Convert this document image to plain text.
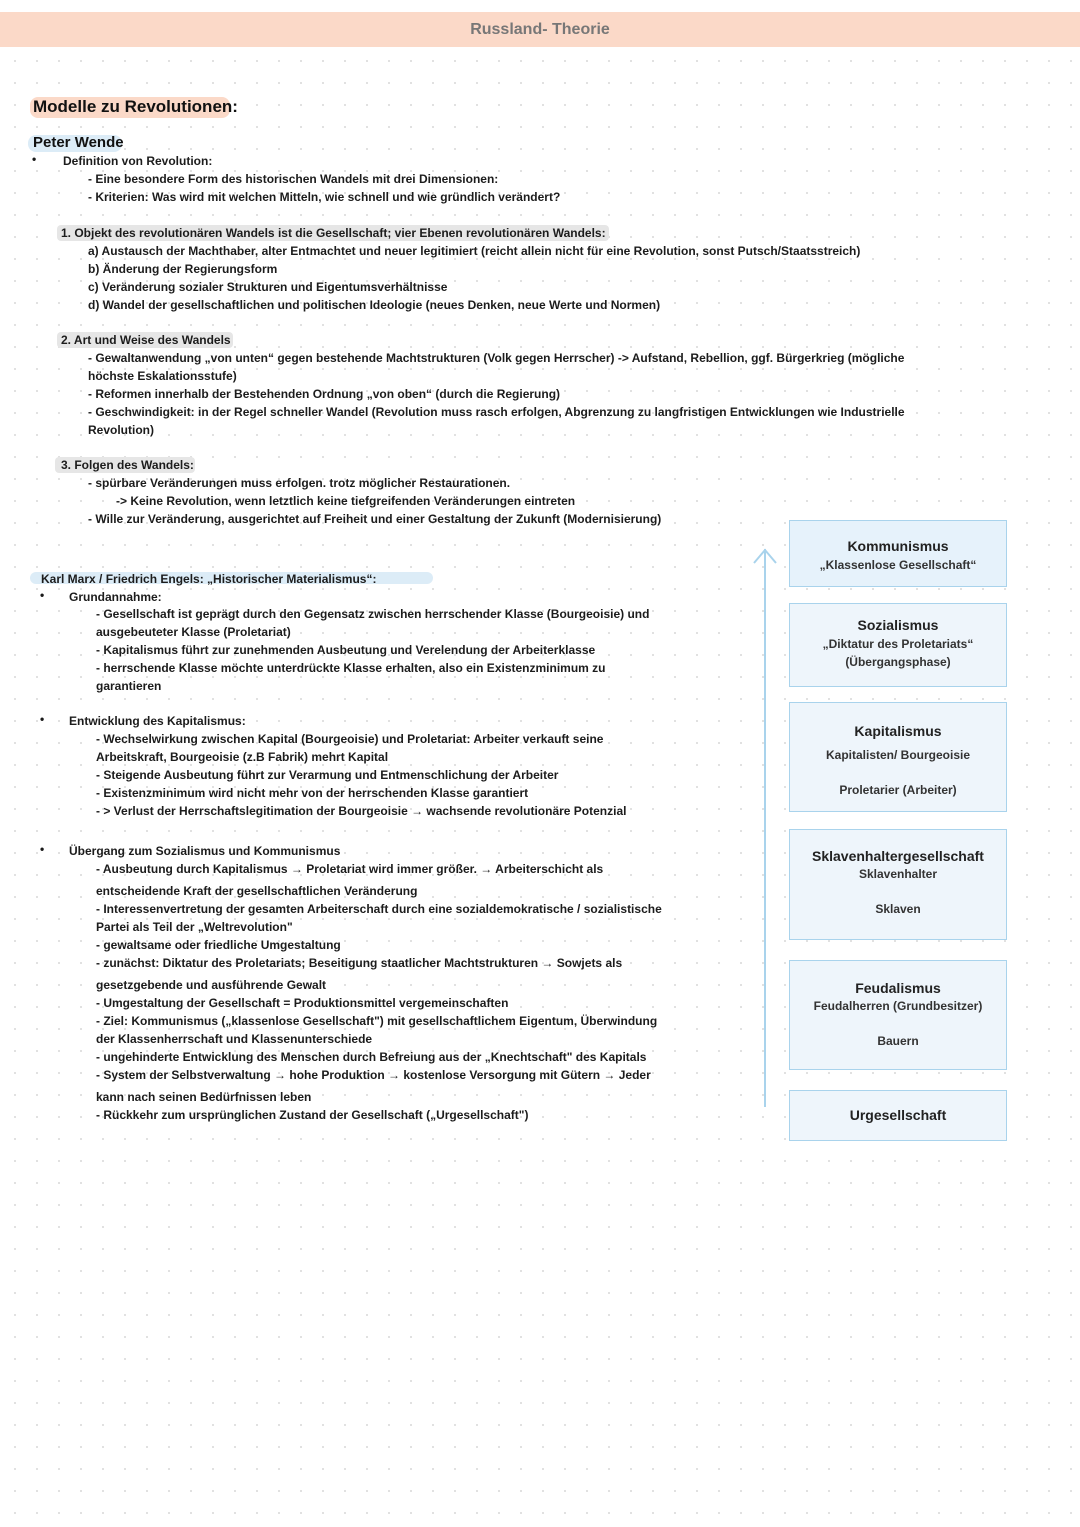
Russland- Theorie
Modelle zu Revolutionen:
Peter Wende
• Definition von Revolution:
- Eine besondere Form des historischen Wandels mit drei Dimensionen:
- Kriterien: Was wird mit welchen Mitteln, wie schnell und wie gründlich verändert?
1. Objekt des revolutionären Wandels ist die Gesellschaft; vier Ebenen revolutionären Wandels:
a) Austausch der Machthaber, alter Entmachtet und neuer legitimiert (reicht allein nicht für eine Revolution, sonst Putsch/Staatsstreich)
b) Änderung der Regierungsform
c) Veränderung sozialer Strukturen und Eigentumsverhältnisse
d) Wandel der gesellschaftlichen und politischen Ideologie (neues Denken, neue Werte und Normen)
2. Art und Weise des Wandels
- Gewaltanwendung „von unten“ gegen bestehende Machtstrukturen (Volk gegen Herrscher) -> Aufstand, Rebellion, ggf. Bürgerkrieg (mögliche
höchste Eskalationsstufe)
- Reformen innerhalb der Bestehenden Ordnung „von oben“ (durch die Regierung)
- Geschwindigkeit: in der Regel schneller Wandel (Revolution muss rasch erfolgen, Abgrenzung zu langfristigen Entwicklungen wie Industrielle
Revolution)
3. Folgen des Wandels:
- spürbare Veränderungen muss erfolgen. trotz möglicher Restaurationen.
-> Keine Revolution, wenn letztlich keine tiefgreifenden Veränderungen eintreten
- Wille zur Veränderung, ausgerichtet auf Freiheit und einer Gestaltung der Zukunft (Modernisierung)
Karl Marx / Friedrich Engels: „Historischer Materialismus“:
• Grundannahme:
- Gesellschaft ist geprägt durch den Gegensatz zwischen herrschender Klasse (Bourgeoisie) und
ausgebeuteter Klasse (Proletariat)
- Kapitalismus führt zur zunehmenden Ausbeutung und Verelendung der Arbeiterklasse
- herrschende Klasse möchte unterdrückte Klasse erhalten, also ein Existenzminimum zu
garantieren
• Entwicklung des Kapitalismus:
- Wechselwirkung zwischen Kapital (Bourgeoisie) und Proletariat: Arbeiter verkauft seine
Arbeitskraft, Bourgeoisie (z.B Fabrik) mehrt Kapital
- Steigende Ausbeutung führt zur Verarmung und Entmenschlichung der Arbeiter
- Existenzminimum wird nicht mehr von der herrschenden Klasse garantiert
- > Verlust der Herrschaftslegitimation der Bourgeoisie → wachsende revolutionäre Potenzial
• Übergang zum Sozialismus und Kommunismus
- Ausbeutung durch Kapitalismus → Proletariat wird immer größer. → Arbeiterschicht als
entscheidende Kraft der gesellschaftlichen Veränderung
- Interessenvertretung der gesamten Arbeiterschaft durch eine sozialdemokratische / sozialistische
Partei als Teil der „Weltrevolution"
- gewaltsame oder friedliche Umgestaltung
- zunächst: Diktatur des Proletariats; Beseitigung staatlicher Machtstrukturen → Sowjets als
gesetzgebende und ausführende Gewalt
- Umgestaltung der Gesellschaft = Produktionsmittel vergemeinschaften
- Ziel: Kommunismus („klassenlose Gesellschaft") mit gesellschaftlichem Eigentum, Überwindung
der Klassenherrschaft und Klassenunterschiede
- ungehinderte Entwicklung des Menschen durch Befreiung aus der „Knechtschaft" des Kapitals
- System der Selbstverwaltung → hohe Produktion → kostenlose Versorgung mit Gütern → Jeder
kann nach seinen Bedürfnissen leben
- Rückkehr zum ursprünglichen Zustand der Gesellschaft („Urgesellschaft")
Kommunismus
„Klassenlose Gesellschaft“
Sozialismus
„Diktatur des Proletariats“
(Übergangsphase)
Kapitalismus
Kapitalisten/ Bourgeoisie
Proletarier (Arbeiter)
Sklavenhaltergesellschaft
Sklavenhalter
Sklaven
Feudalismus
Feudalherren (Grundbesitzer)
Bauern
Urgesellschaft
